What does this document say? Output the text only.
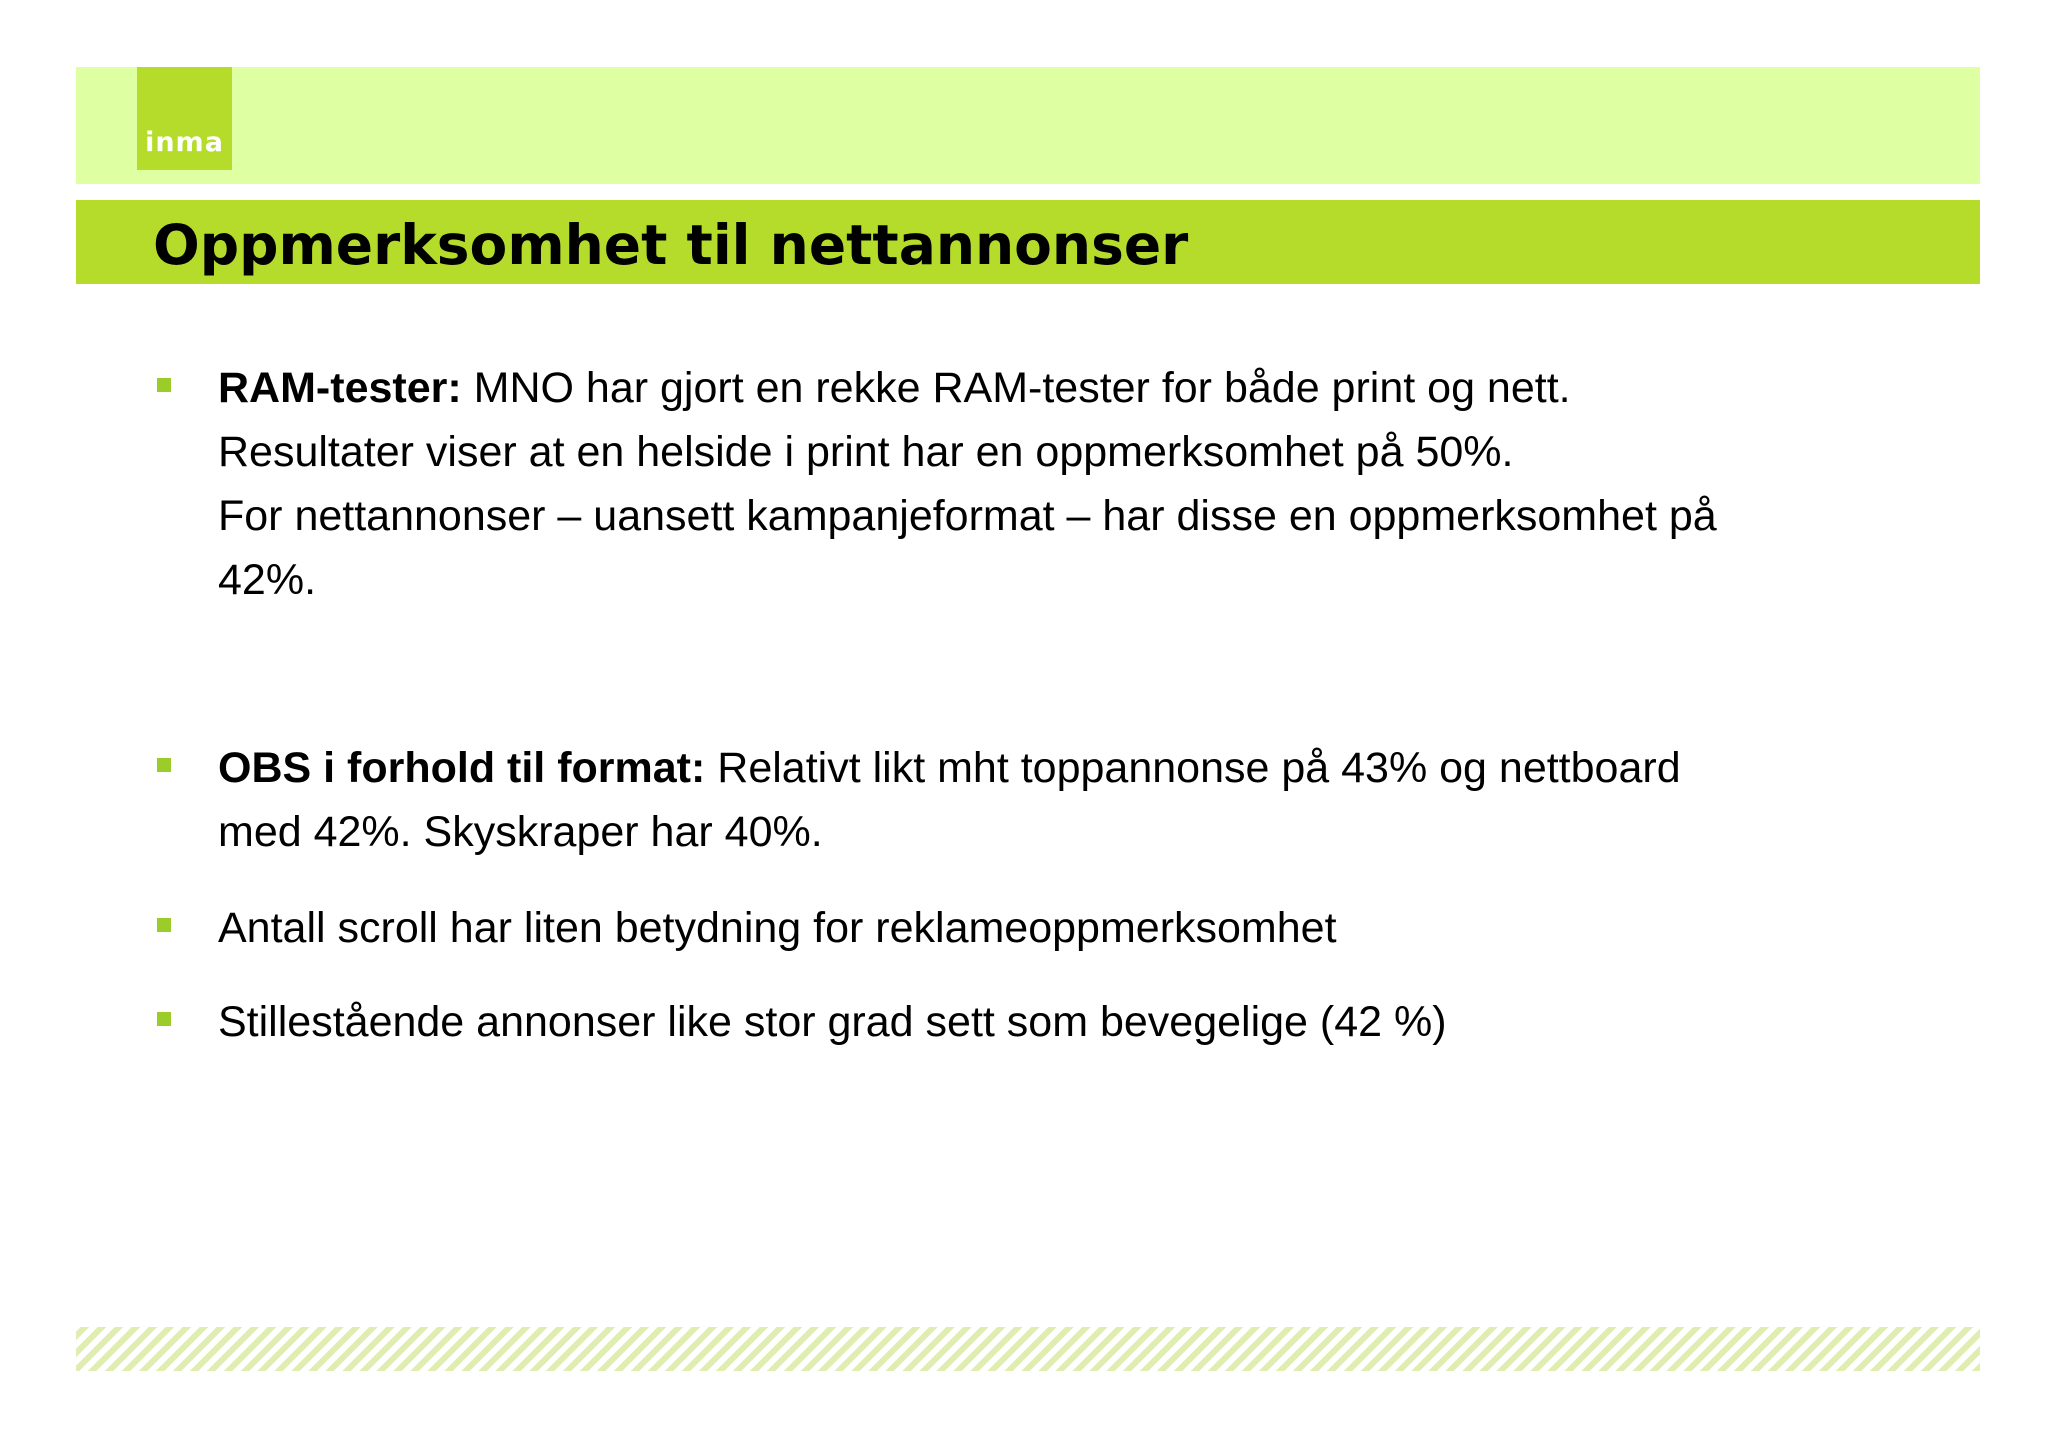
inma
Oppmerksomhet til nettannonser
RAM-tester: MNO har gjort en rekke RAM-tester for både print og nett.
Resultater viser at en helside i print har en oppmerksomhet på 50%.
For nettannonser – uansett kampanjeformat – har disse en oppmerksomhet på
42%.
OBS i forhold til format: Relativt likt mht toppannonse på 43% og nettboard
med 42%. Skyskraper har 40%.
Antall scroll har liten betydning for reklameoppmerksomhet
Stillestående annonser like stor grad sett som bevegelige (42 %)
